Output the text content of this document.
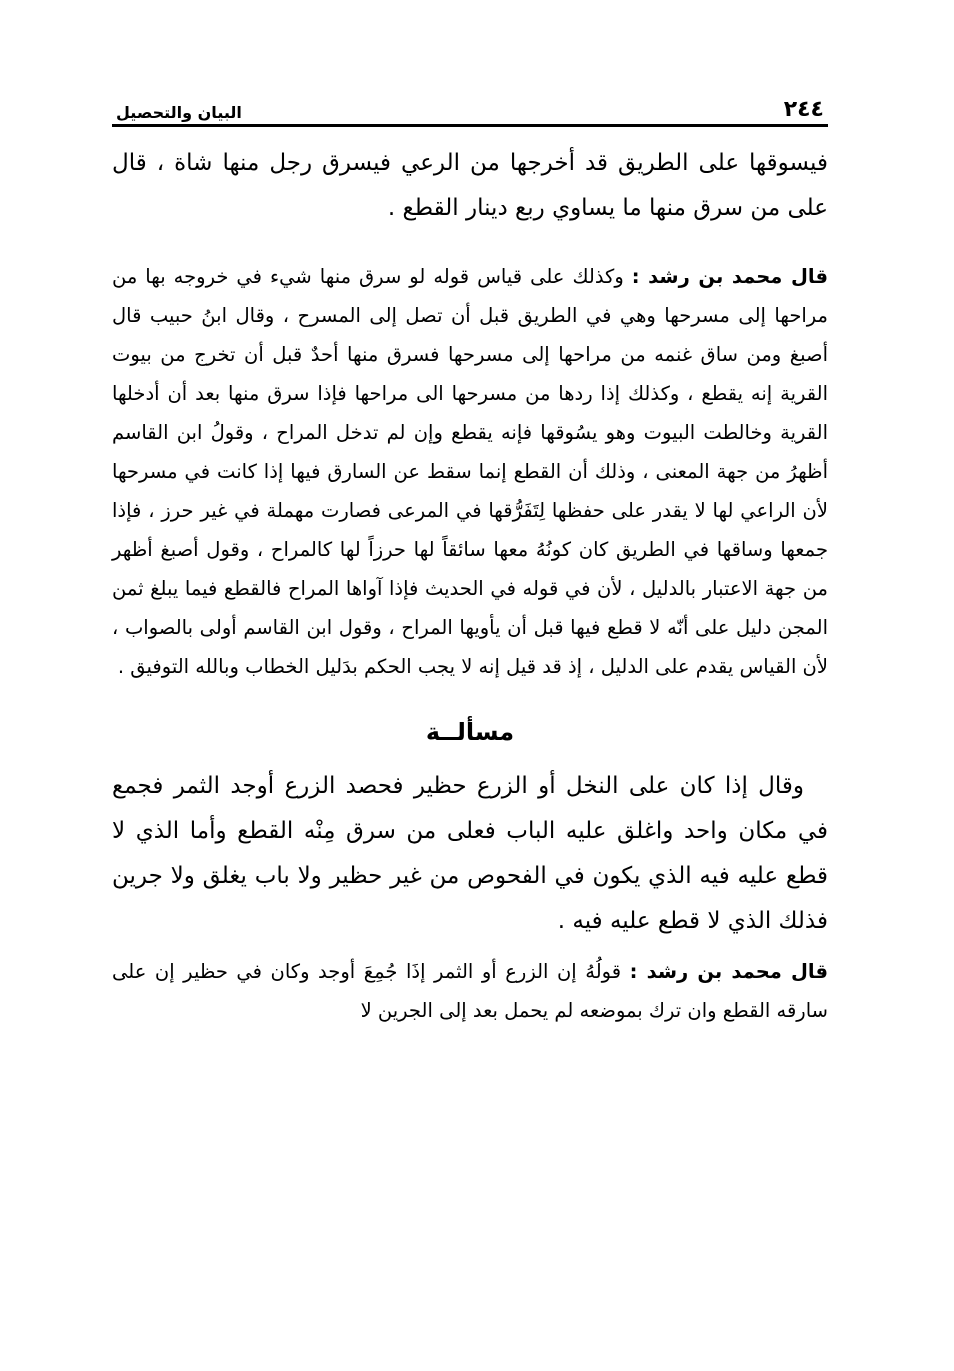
٢٤٤
البيان والتحصيل

فيسوقها على الطريق قد أخرجها من الرعي فيسرق رجل منها شاة ، قال على من سرق منها ما يساوي ربع دينار القطع .

قال محمد بن رشد : وكذلك على قياس قوله لو سرق منها شيء في خروجه بها من مراحها إلى مسرحها وهي في الطريق قبل أن تصل إلى المسرح ، وقال ابنُ حبيب قال أصبغ ومن ساق غنمه من مراحها إلى مسرحها فسرق منها أحدٌ قبل أن تخرج من بيوت القرية إنه يقطع ، وكذلك إذا ردها من مسرحها الى مراحها فإذا سرق منها بعد أن أدخلها القرية وخالطت البيوت وهو يسُوقها فإنه يقطع وإن لم تدخل المراح ، وقولُ ابن القاسم أظهرُ من جهة المعنى ، وذلك أن القطع إنما سقط عن السارق فيها إذا كانت في مسرحها لأن الراعي لها لا يقدر على حفظها لِتَفَرُّقها في المرعى فصارت مهملة في غير حرز ، فإذا جمعها وساقها في الطريق كان كونُهُ معها سائقاً لها حرزاً لها كالمراح ، وقول أصبغ أظهر من جهة الاعتبار بالدليل ، لأن في قوله في الحديث فإذا آواها المراح فالقطع فيما يبلغ ثمن المجن دليل على أنّه لا قطع فيها قبل أن يأويها المراح ، وقول ابن القاسم أولى بالصواب ، لأن القياس يقدم على الدليل ، إذ قد قيل إنه لا يجب الحكم بدَليل الخطاب وبالله التوفيق .

مسألــة

وقال إذا كان على النخل أو الزرع حظير فحصد الزرع أوجد الثمر فجمع في مكان واحد واغلق عليه الباب فعلى من سرق مِنْه القطع وأما الذي لا قطع عليه فيه الذي يكون في الفحوص من غير حظير ولا باب يغلق ولا جرين فذلك الذي لا قطع عليه فيه .

قال محمد بن رشد : قولُهُ إن الزرع أو الثمر إذَا جُمِعَ أوجد وكان في حظير إن على سارقه القطع وان ترك بموضعه لم يحمل بعد إلى الجرين لا
